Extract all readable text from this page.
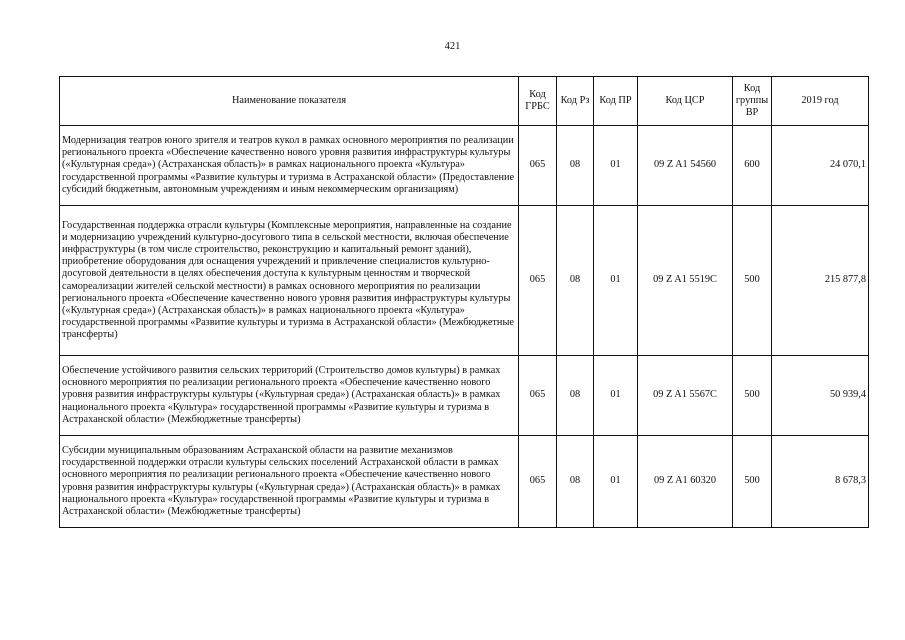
421
Наименование показателя	Код ГРБС	Код Рз	Код ПР	Код ЦСР	Код группы ВР	2019 год
Модернизация театров юного зрителя и театров кукол в рамках основного мероприятия по реализации регионального проекта «Обеспечение качественно нового уровня развития инфраструктуры культуры («Культурная среда») (Астраханская область)» в рамках национального проекта «Культура» государственной программы «Развитие культуры и туризма в Астраханской области» (Предоставление субсидий бюджетным, автономным учреждениям и иным некоммерческим организациям)	065	08	01	09 Z A1 54560	600	24 070,1
Государственная поддержка отрасли культуры (Комплексные мероприятия, направленные на создание и модернизацию учреждений культурно-досугового типа в сельской местности, включая обеспечение инфраструктуры (в том числе строительство, реконструкцию и капитальный ремонт зданий), приобретение оборудования для оснащения учреждений и привлечение специалистов культурно-досуговой деятельности в целях обеспечения доступа к культурным ценностям и творческой самореализации жителей сельской местности) в рамках основного мероприятия по реализации регионального проекта «Обеспечение качественно нового уровня развития инфраструктуры культуры («Культурная среда») (Астраханская область)» в рамках национального проекта «Культура» государственной программы «Развитие культуры и туризма в Астраханской области» (Межбюджетные трансферты)	065	08	01	09 Z A1 5519C	500	215 877,8
Обеспечение устойчивого развития сельских территорий (Строительство домов культуры) в рамках основного мероприятия по реализации регионального проекта «Обеспечение качественно нового уровня развития инфраструктуры культуры («Культурная среда») (Астраханская область)» в рамках национального проекта «Культура» государственной программы «Развитие культуры и туризма в Астраханской области» (Межбюджетные трансферты)	065	08	01	09 Z A1 5567C	500	50 939,4
Субсидии муниципальным образованиям Астраханской области на развитие механизмов государственной поддержки отрасли культуры сельских поселений Астраханской области в рамках основного мероприятия по реализации регионального проекта «Обеспечение качественно нового уровня развития инфраструктуры культуры («Культурная среда») (Астраханская область)» в рамках национального проекта «Культура» государственной программы «Развитие культуры и туризма в Астраханской области» (Межбюджетные трансферты)	065	08	01	09 Z A1 60320	500	8 678,3
